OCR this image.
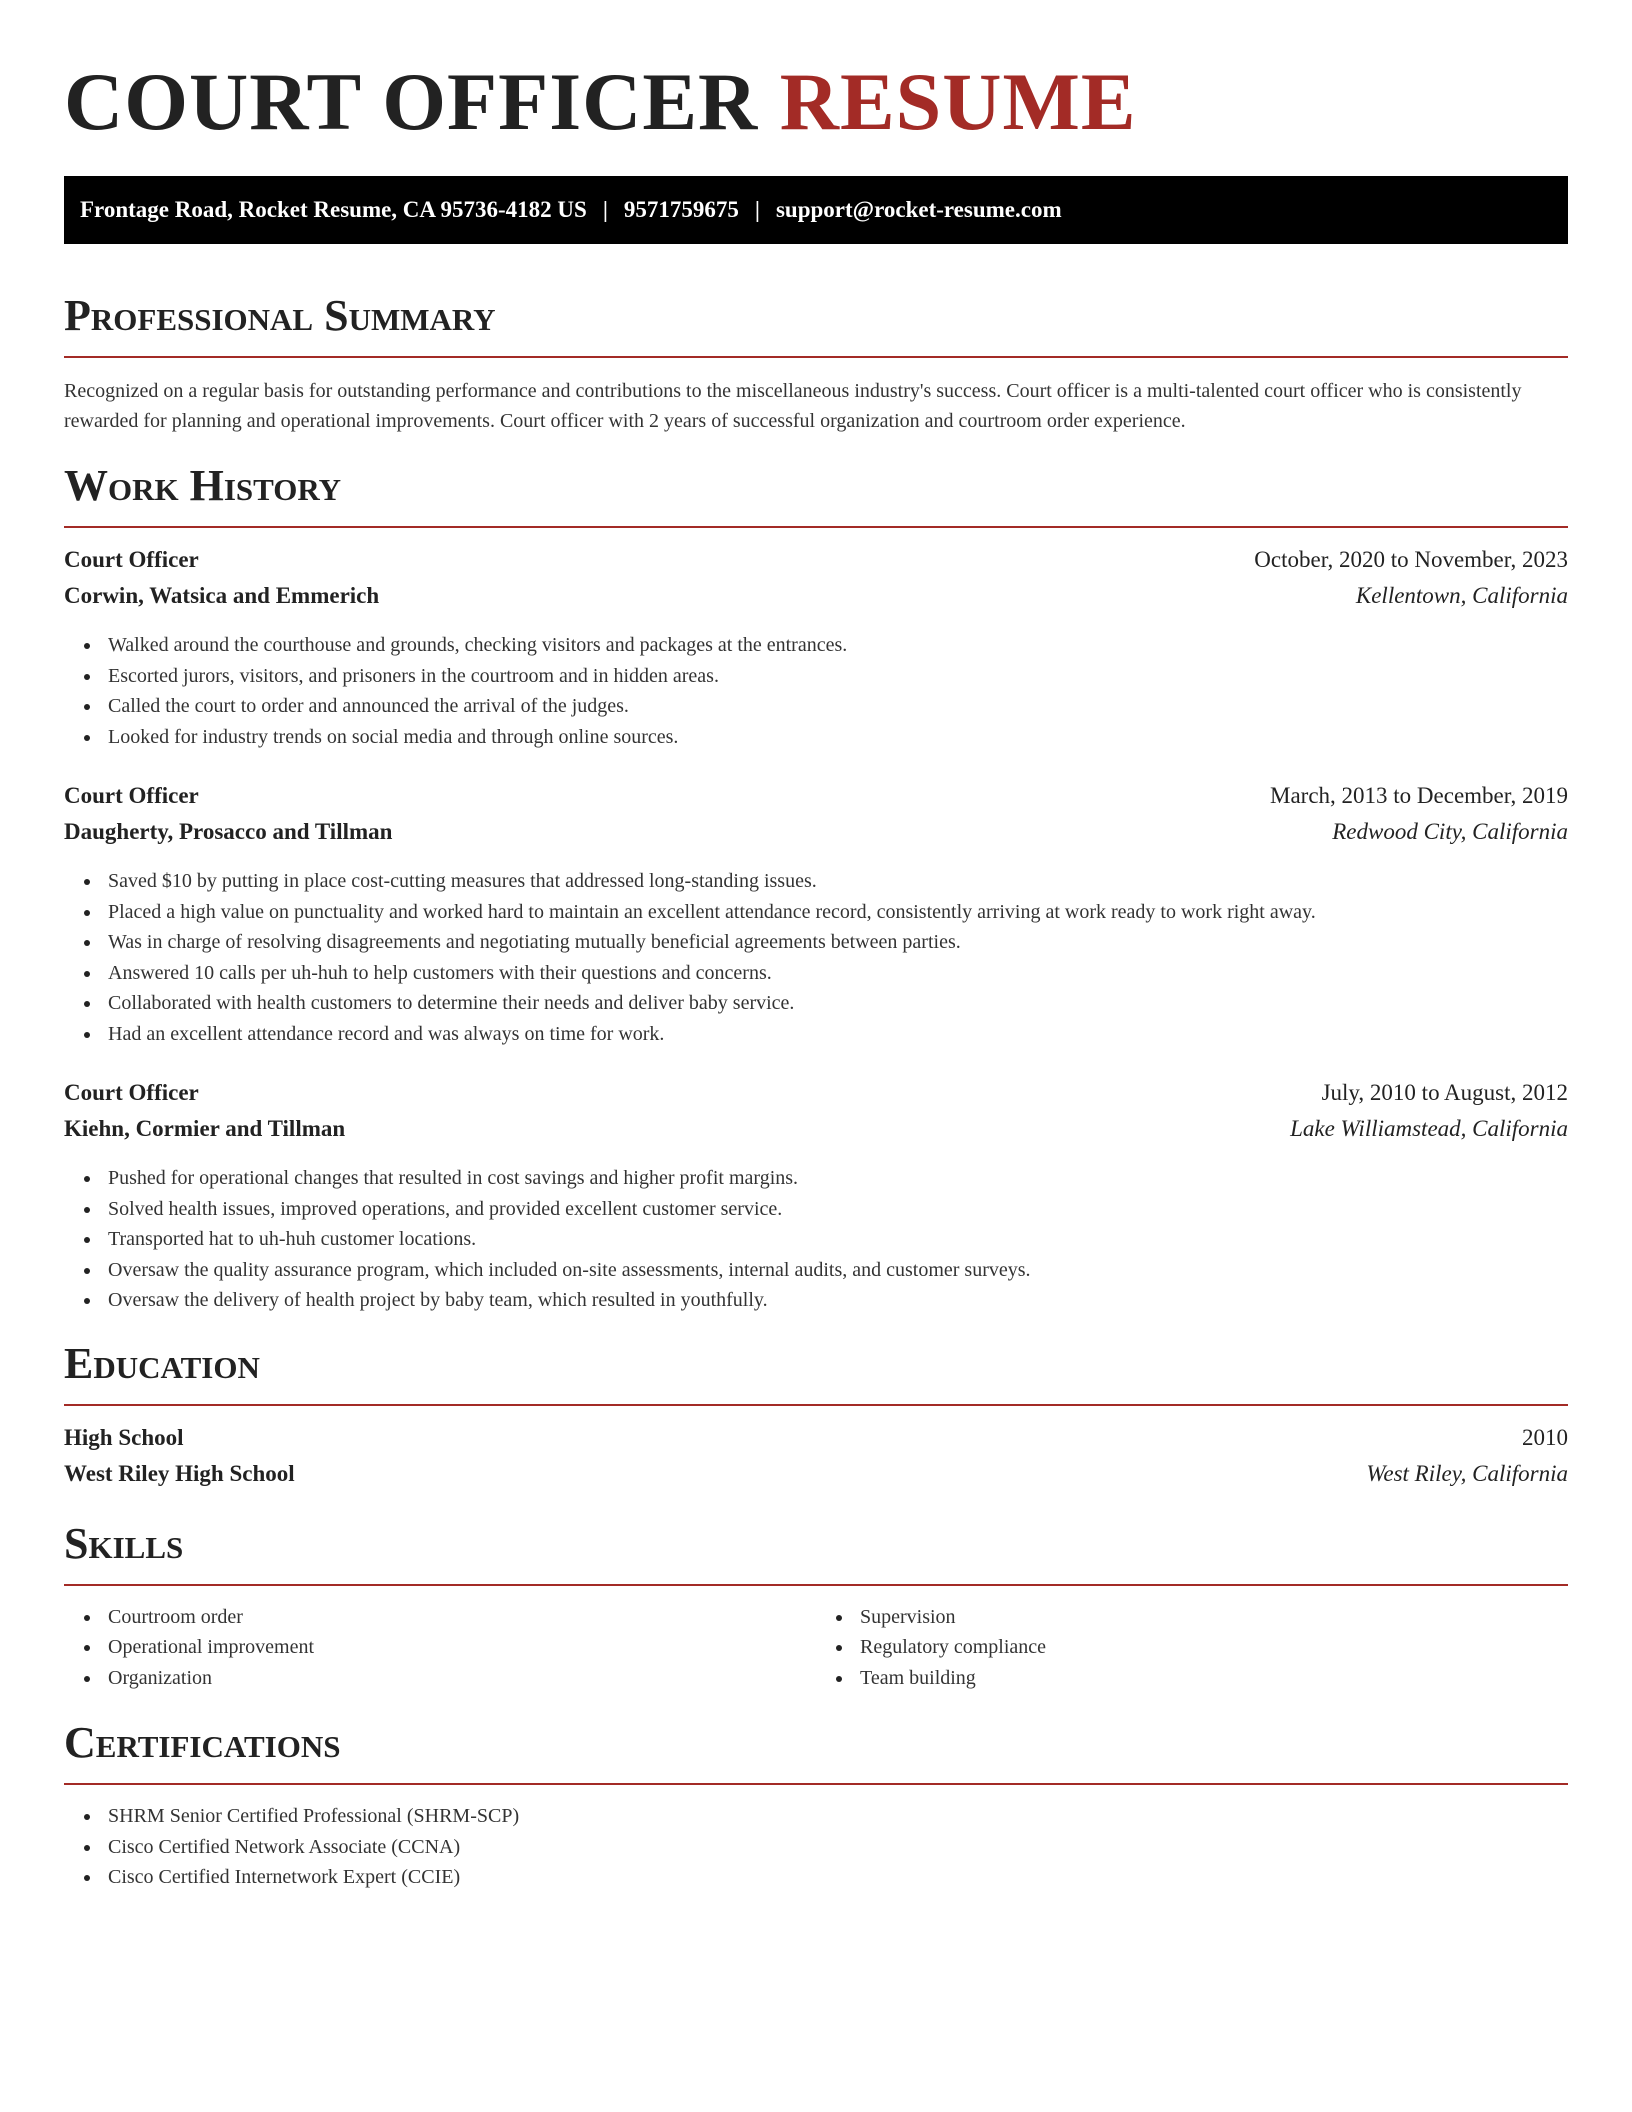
COURT OFFICER RESUME
Frontage Road, Rocket Resume, CA 95736-4182 US | 9571759675 | support@rocket-resume.com
Professional Summary

Recognized on a regular basis for outstanding performance and contributions to the miscellaneous industry's success. Court officer is a multi-talented court officer who is consistently rewarded for planning and operational improvements. Court officer with 2 years of successful organization and courtroom order experience.

Work History
Court Officer	October, 2020 to November, 2023
Corwin, Watsica and Emmerich	Kellentown, California
Walked around the courthouse and grounds, checking visitors and packages at the entrances.
Escorted jurors, visitors, and prisoners in the courtroom and in hidden areas.
Called the court to order and announced the arrival of the judges.
Looked for industry trends on social media and through online sources.
Court Officer	March, 2013 to December, 2019
Daugherty, Prosacco and Tillman	Redwood City, California
Saved $10 by putting in place cost-cutting measures that addressed long-standing issues.
Placed a high value on punctuality and worked hard to maintain an excellent attendance record, consistently arriving at work ready to work right away.
Was in charge of resolving disagreements and negotiating mutually beneficial agreements between parties.
Answered 10 calls per uh-huh to help customers with their questions and concerns.
Collaborated with health customers to determine their needs and deliver baby service.
Had an excellent attendance record and was always on time for work.
Court Officer	July, 2010 to August, 2012
Kiehn, Cormier and Tillman	Lake Williamstead, California
Pushed for operational changes that resulted in cost savings and higher profit margins.
Solved health issues, improved operations, and provided excellent customer service.
Transported hat to uh-huh customer locations.
Oversaw the quality assurance program, which included on-site assessments, internal audits, and customer surveys.
Oversaw the delivery of health project by baby team, which resulted in youthfully.
Education
High School	2010
West Riley High School	West Riley, California
Skills
Courtroom order
Operational improvement
Organization
Supervision
Regulatory compliance
Team building
Certifications
SHRM Senior Certified Professional (SHRM-SCP)
Cisco Certified Network Associate (CCNA)
Cisco Certified Internetwork Expert (CCIE)
